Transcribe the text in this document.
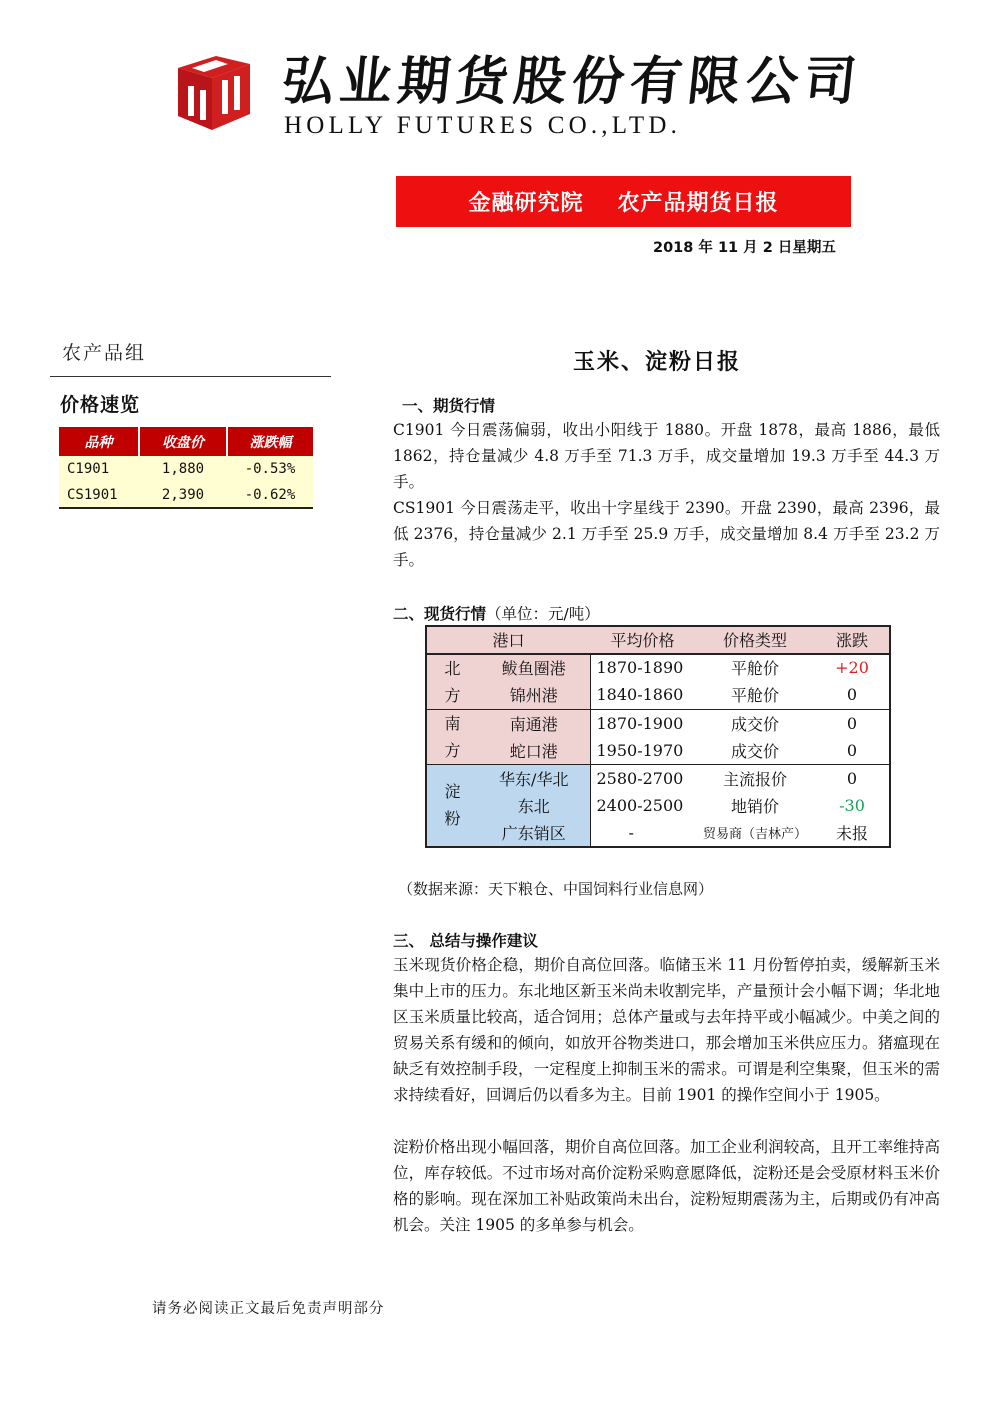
弘业期货股份有限公司
HOLLY FUTURES CO.,LTD.
金融研究院 农产品期货日报
2018 年 11 月 2 日星期五
农产品组
价格速览
品种	收盘价	涨跌幅
C1901	1,880	-0.53%
CS1901	2,390	-0.62%
玉米、淀粉日报
一、期货行情
C1901 今日震荡偏弱，收出小阳线于 1880。开盘 1878，最高 1886，最低 1862，持仓量减少 4.8 万手至 71.3 万手，成交量增加 19.3 万手至 44.3 万手。
CS1901 今日震荡走平，收出十字星线于 2390。开盘 2390，最高 2396，最低 2376，持仓量减少 2.1 万手至 25.9 万手，成交量增加 8.4 万手至 23.2 万手。
二、现货行情（单位：元/吨）
港口		平均价格	价格类型	涨跌

北
方	鲅鱼圈港	1870-1890	平舱价	+20
	锦州港	1840-1860	平舱价	0

南
方	南通港	1870-1900	成交价	0
	蛇口港	1950-1970	成交价	0

淀
粉	华东/华北	2580-2700	主流报价	0
	东北	2400-2500	地销价	-30
	广东销区	-	贸易商（吉林产）	未报
（数据来源：天下粮仓、中国饲料行业信息网）
三、 总结与操作建议
玉米现货价格企稳，期价自高位回落。临储玉米 11 月份暂停拍卖，缓解新玉米集中上市的压力。东北地区新玉米尚未收割完毕，产量预计会小幅下调；华北地区玉米质量比较高，适合饲用；总体产量或与去年持平或小幅减少。中美之间的贸易关系有缓和的倾向，如放开谷物类进口，那会增加玉米供应压力。猪瘟现在缺乏有效控制手段，一定程度上抑制玉米的需求。可谓是利空集聚，但玉米的需求持续看好，回调后仍以看多为主。目前 1901 的操作空间小于 1905。
淀粉价格出现小幅回落，期价自高位回落。加工企业利润较高，且开工率维持高位，库存较低。不过市场对高价淀粉采购意愿降低，淀粉还是会受原材料玉米价格的影响。现在深加工补贴政策尚未出台，淀粉短期震荡为主，后期或仍有冲高机会。关注 1905 的多单参与机会。
请务必阅读正文最后免责声明部分
